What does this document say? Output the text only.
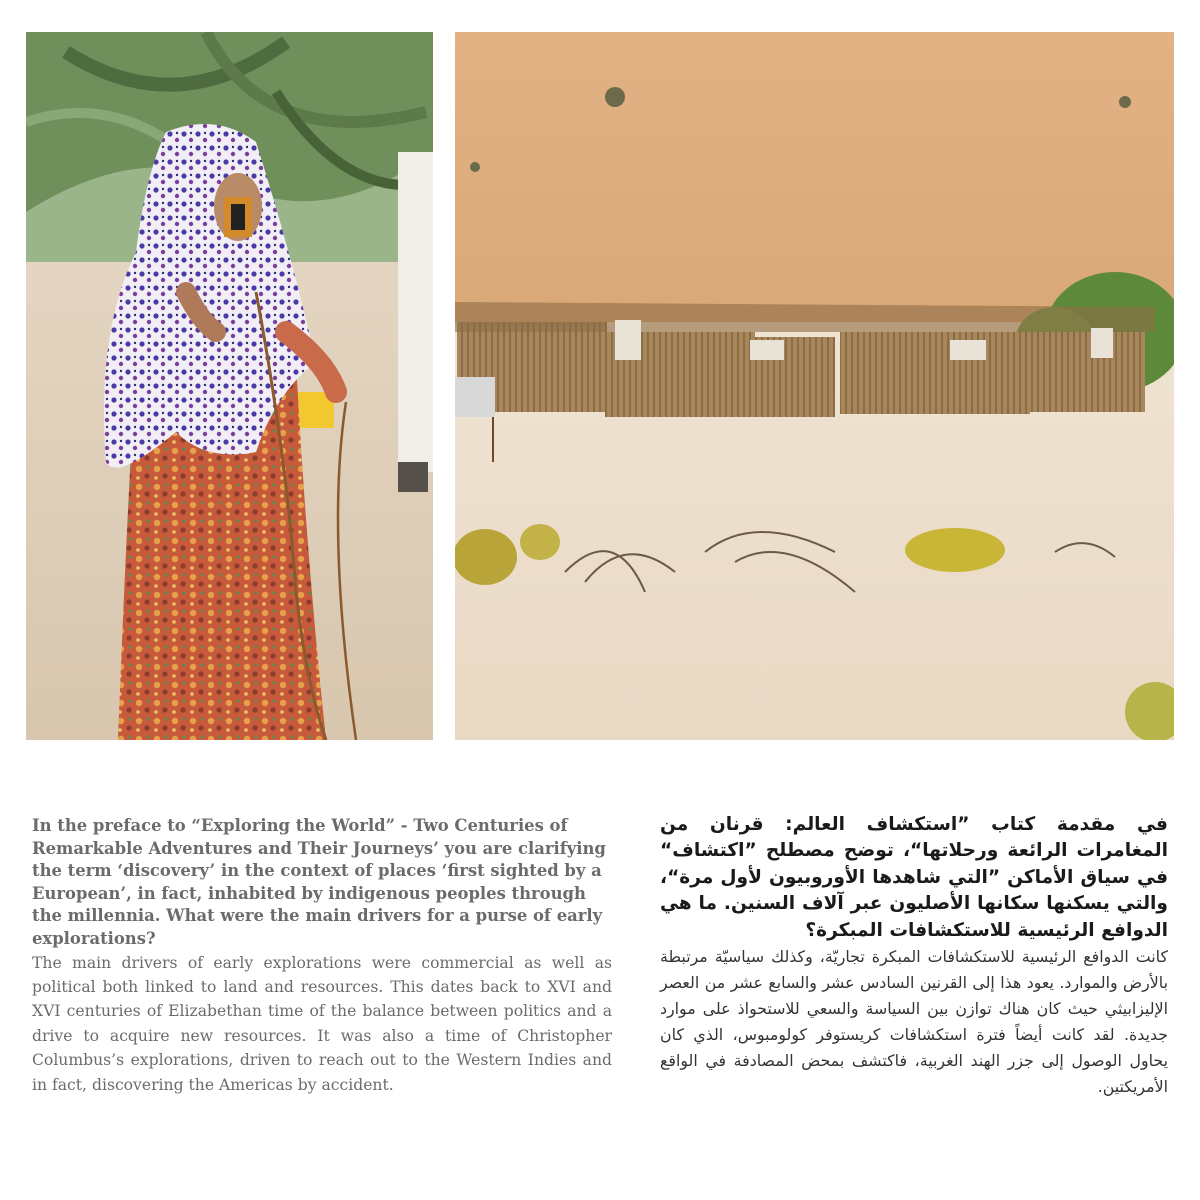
In the preface to “Exploring the World” - Two Centuries of Remarkable Adventures and Their Journeys’ you are clarifying the term ‘discovery’ in the context of places ‘first sighted by a European’, in fact, inhabited by indigenous peoples through the millennia. What were the main drivers for a purse of early explorations?

The main drivers of early explorations were commercial as well as political both linked to land and resources. This dates back to XVI and XVI centuries of Elizabethan time of the balance between politics and a drive to acquire new resources. It was also a time of Christopher Columbus’s explorations, driven to reach out to the Western Indies and in fact, discovering the Americas by accident.

في مقدمة كتاب ”استكشاف العالم: قرنان من المغامرات الرائعة ورحلاتها“، توضح مصطلح ”اكتشاف“ في سياق الأماكن ”التي شاهدها الأوروبيون لأول مرة“، والتي يسكنها سكانها الأصليون عبر آلاف السنين. ما هي الدوافع الرئيسية للاستكشافات المبكرة؟

كانت الدوافع الرئيسية للاستكشافات المبكرة تجاريّة، وكذلك سياسيّة مرتبطة بالأرض والموارد. يعود هذا إلى القرنين السادس عشر والسابع عشر من العصر الإليزابيثي حيث كان هناك توازن بين السياسة والسعي للاستحواذ على موارد جديدة. لقد كانت أيضاً فترة استكشافات كريستوفر كولومبوس، الذي كان يحاول الوصول إلى جزر الهند الغربية، فاكتشف بمحض المصادفة في الواقع الأمريكتين.
